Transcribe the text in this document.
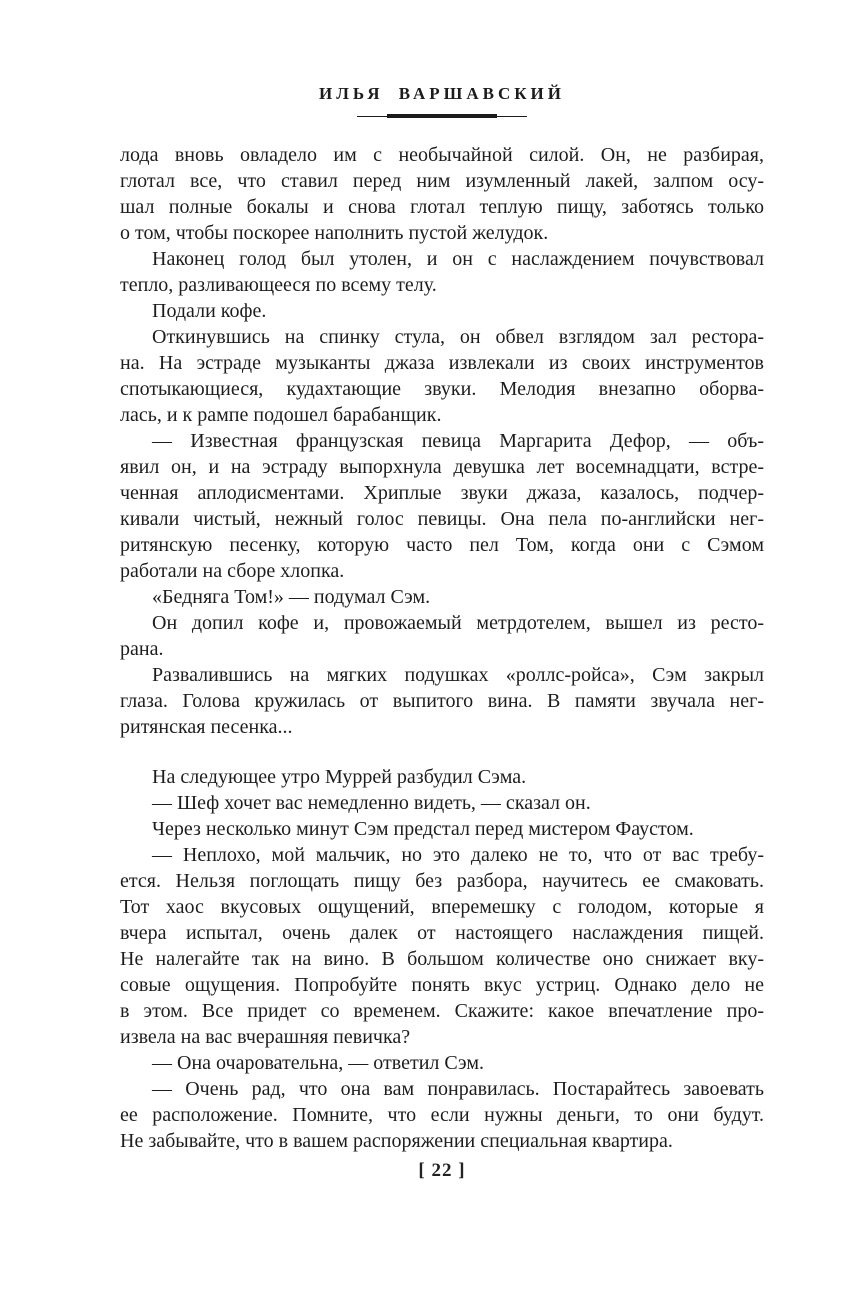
ИЛЬЯ ВАРШАВСКИЙ
лода вновь овладело им с необычайной силой. Он, не разбирая,
глотал все, что ставил перед ним изумленный лакей, залпом осу-
шал полные бокалы и снова глотал теплую пищу, заботясь только
о том, чтобы поскорее наполнить пустой желудок.
Наконец голод был утолен, и он с наслаждением почувствовал
тепло, разливающееся по всему телу.
Подали кофе.
Откинувшись на спинку стула, он обвел взглядом зал рестора-
на. На эстраде музыканты джаза извлекали из своих инструментов
спотыкающиеся, кудахтающие звуки. Мелодия внезапно оборва-
лась, и к рампе подошел барабанщик.
— Известная французская певица Маргарита Дефор, — объ-
явил он, и на эстраду выпорхнула девушка лет восемнадцати, встре-
ченная аплодисментами. Хриплые звуки джаза, казалось, подчер-
кивали чистый, нежный голос певицы. Она пела по-английски нег-
ритянскую песенку, которую часто пел Том, когда они с Сэмом
работали на сборе хлопка.
«Бедняга Том!» — подумал Сэм.
Он допил кофе и, провожаемый метрдотелем, вышел из ресто-
рана.
Развалившись на мягких подушках «роллс-ройса», Сэм закрыл
глаза. Голова кружилась от выпитого вина. В памяти звучала нег-
ритянская песенка...
На следующее утро Муррей разбудил Сэма.
— Шеф хочет вас немедленно видеть, — сказал он.
Через несколько минут Сэм предстал перед мистером Фаустом.
— Неплохо, мой мальчик, но это далеко не то, что от вас требу-
ется. Нельзя поглощать пищу без разбора, научитесь ее смаковать.
Тот хаос вкусовых ощущений, вперемешку с голодом, которые я
вчера испытал, очень далек от настоящего наслаждения пищей.
Не налегайте так на вино. В большом количестве оно снижает вку-
совые ощущения. Попробуйте понять вкус устриц. Однако дело не
в этом. Все придет со временем. Скажите: какое впечатление про-
извела на вас вчерашняя певичка?
— Она очаровательна, — ответил Сэм.
— Очень рад, что она вам понравилась. Постарайтесь завоевать
ее расположение. Помните, что если нужны деньги, то они будут.
Не забывайте, что в вашем распоряжении специальная квартира.
[ 22 ]
